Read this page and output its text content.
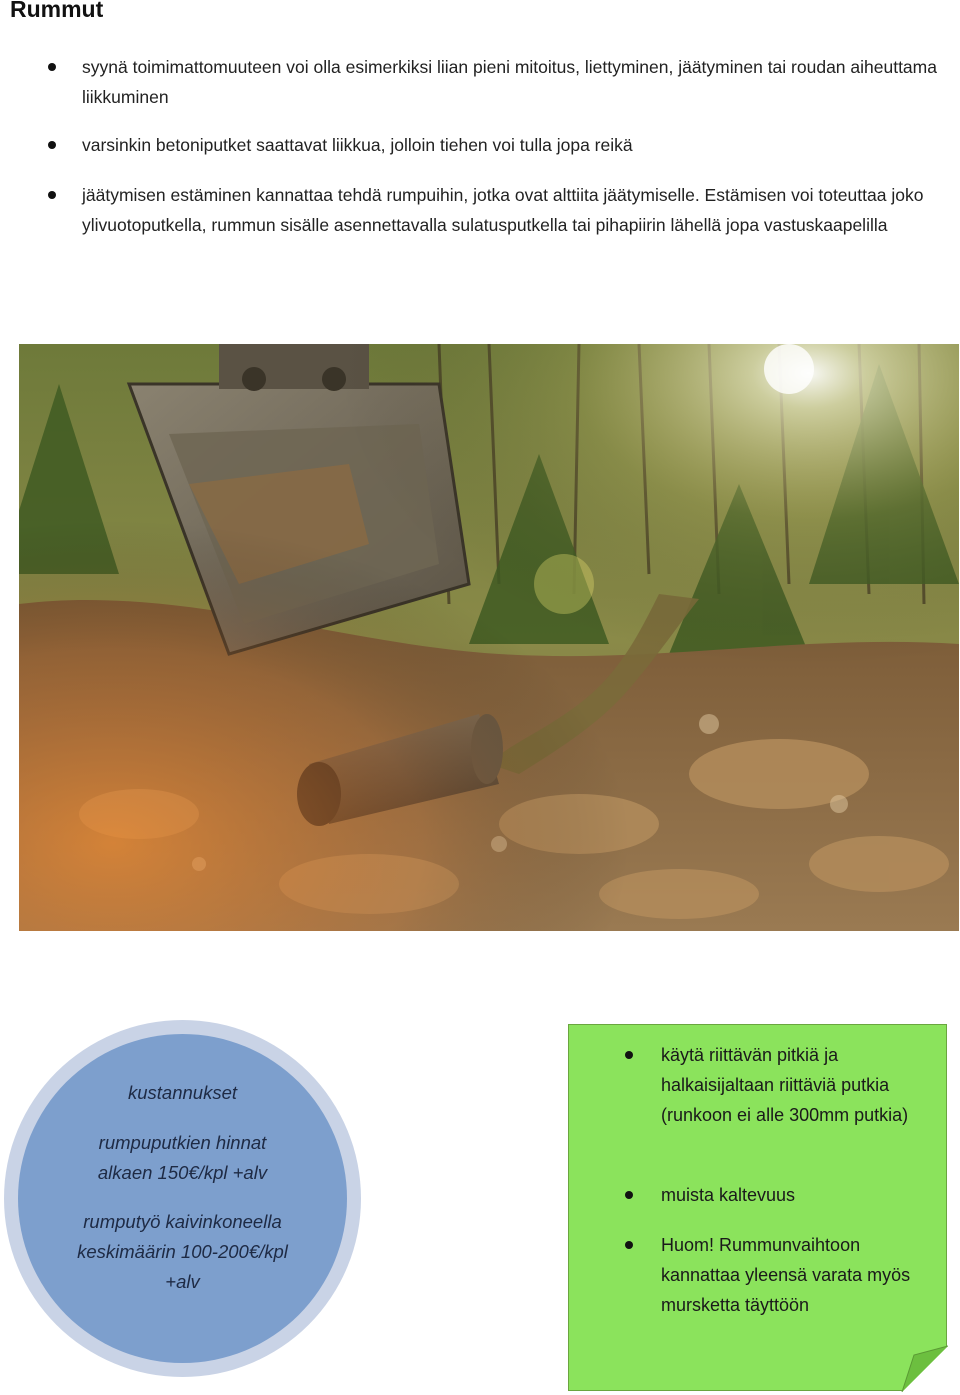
Rummut
syynä toimimattomuuteen voi olla esimerkiksi liian pieni mitoitus, liettyminen, jäätyminen tai roudan aiheuttama liikkuminen
varsinkin betoniputket saattavat liikkua, jolloin tiehen voi tulla jopa reikä
jäätymisen estäminen kannattaa tehdä rumpuihin, jotka ovat alttiita jäätymiselle. Estämisen voi toteuttaa joko ylivuotoputkella, rummun sisälle asennettavalla sulatusputkella tai pihapiirin lähellä jopa vastuskaapelilla
kustannukset
rumpuputkien hinnat
alkaen 150€/kpl +alv
rumputyö kaivinkoneella
keskimäärin 100-200€/kpl
+alv
käytä riittävän pitkiä ja halkaisijaltaan riittäviä putkia (runkoon ei alle 300mm putkia)
muista kaltevuus
Huom! Rummunvaihtoon kannattaa yleensä varata myös mursketta täyttöön
